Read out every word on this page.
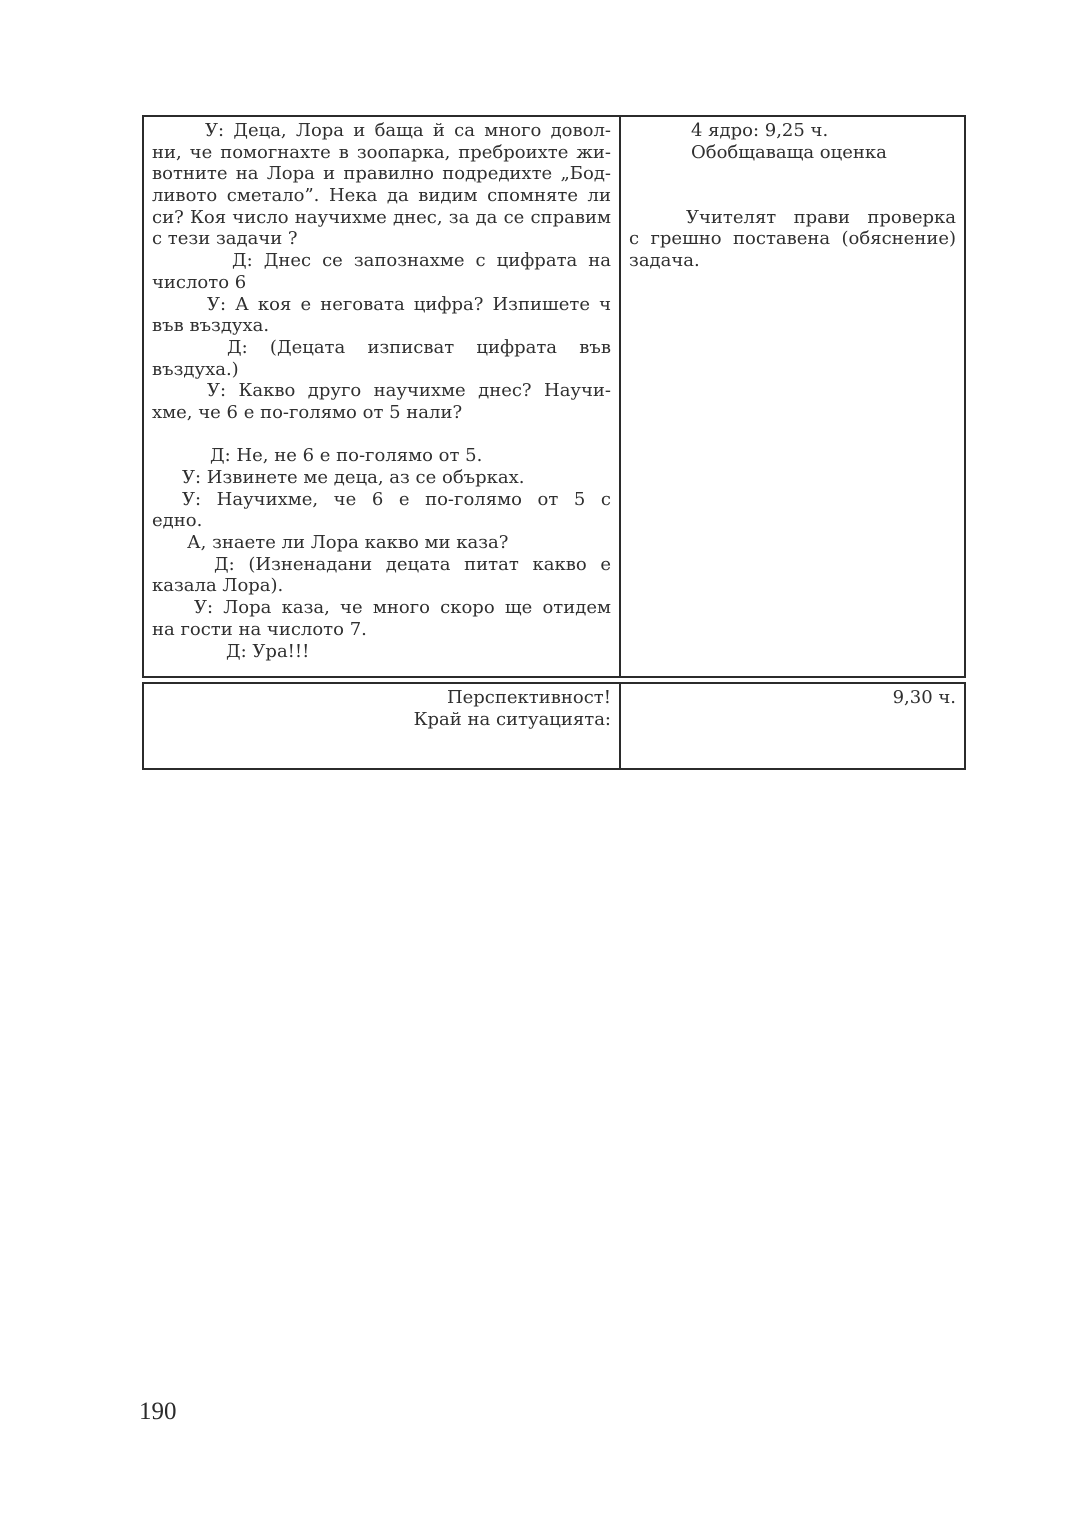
У: Деца, Лора и баща й са много довол-
ни, че помогнахте в зоопарка, преброихте жи-
вотните на Лора и правилно подредихте „Бод-
ливото сметало”. Нека да видим спомняте ли
си? Коя число научихме днес, за да се справим
с тези задачи ?
Д: Днес се запознахме с цифрата на
числото 6
У: А коя е неговата цифра? Изпишете ч
във въздуха.
Д: (Децата изписват цифрата във
въздуха.)
У: Какво друго научихме днес? Научи-
хме, че 6 е по-голямо от 5 нали?
Д: Не, не 6 е по-голямо от 5.
У: Извинете ме деца, аз се обърках.
У: Научихме, че 6 е по-голямо от 5 с
едно.
А, знаете ли Лора какво ми каза?
Д: (Изненадани децата питат какво е
казала Лора).
У: Лора каза, че много скоро ще отидем
на гости на числото 7.
Д: Ура!!!
4 ядро: 9,25 ч.
Обобщаваща оценка
Учителят прави проверка
с грешно поставена (обяснение)
задача.
Перспективност!
Край на ситуацията:
9,30 ч.
190
